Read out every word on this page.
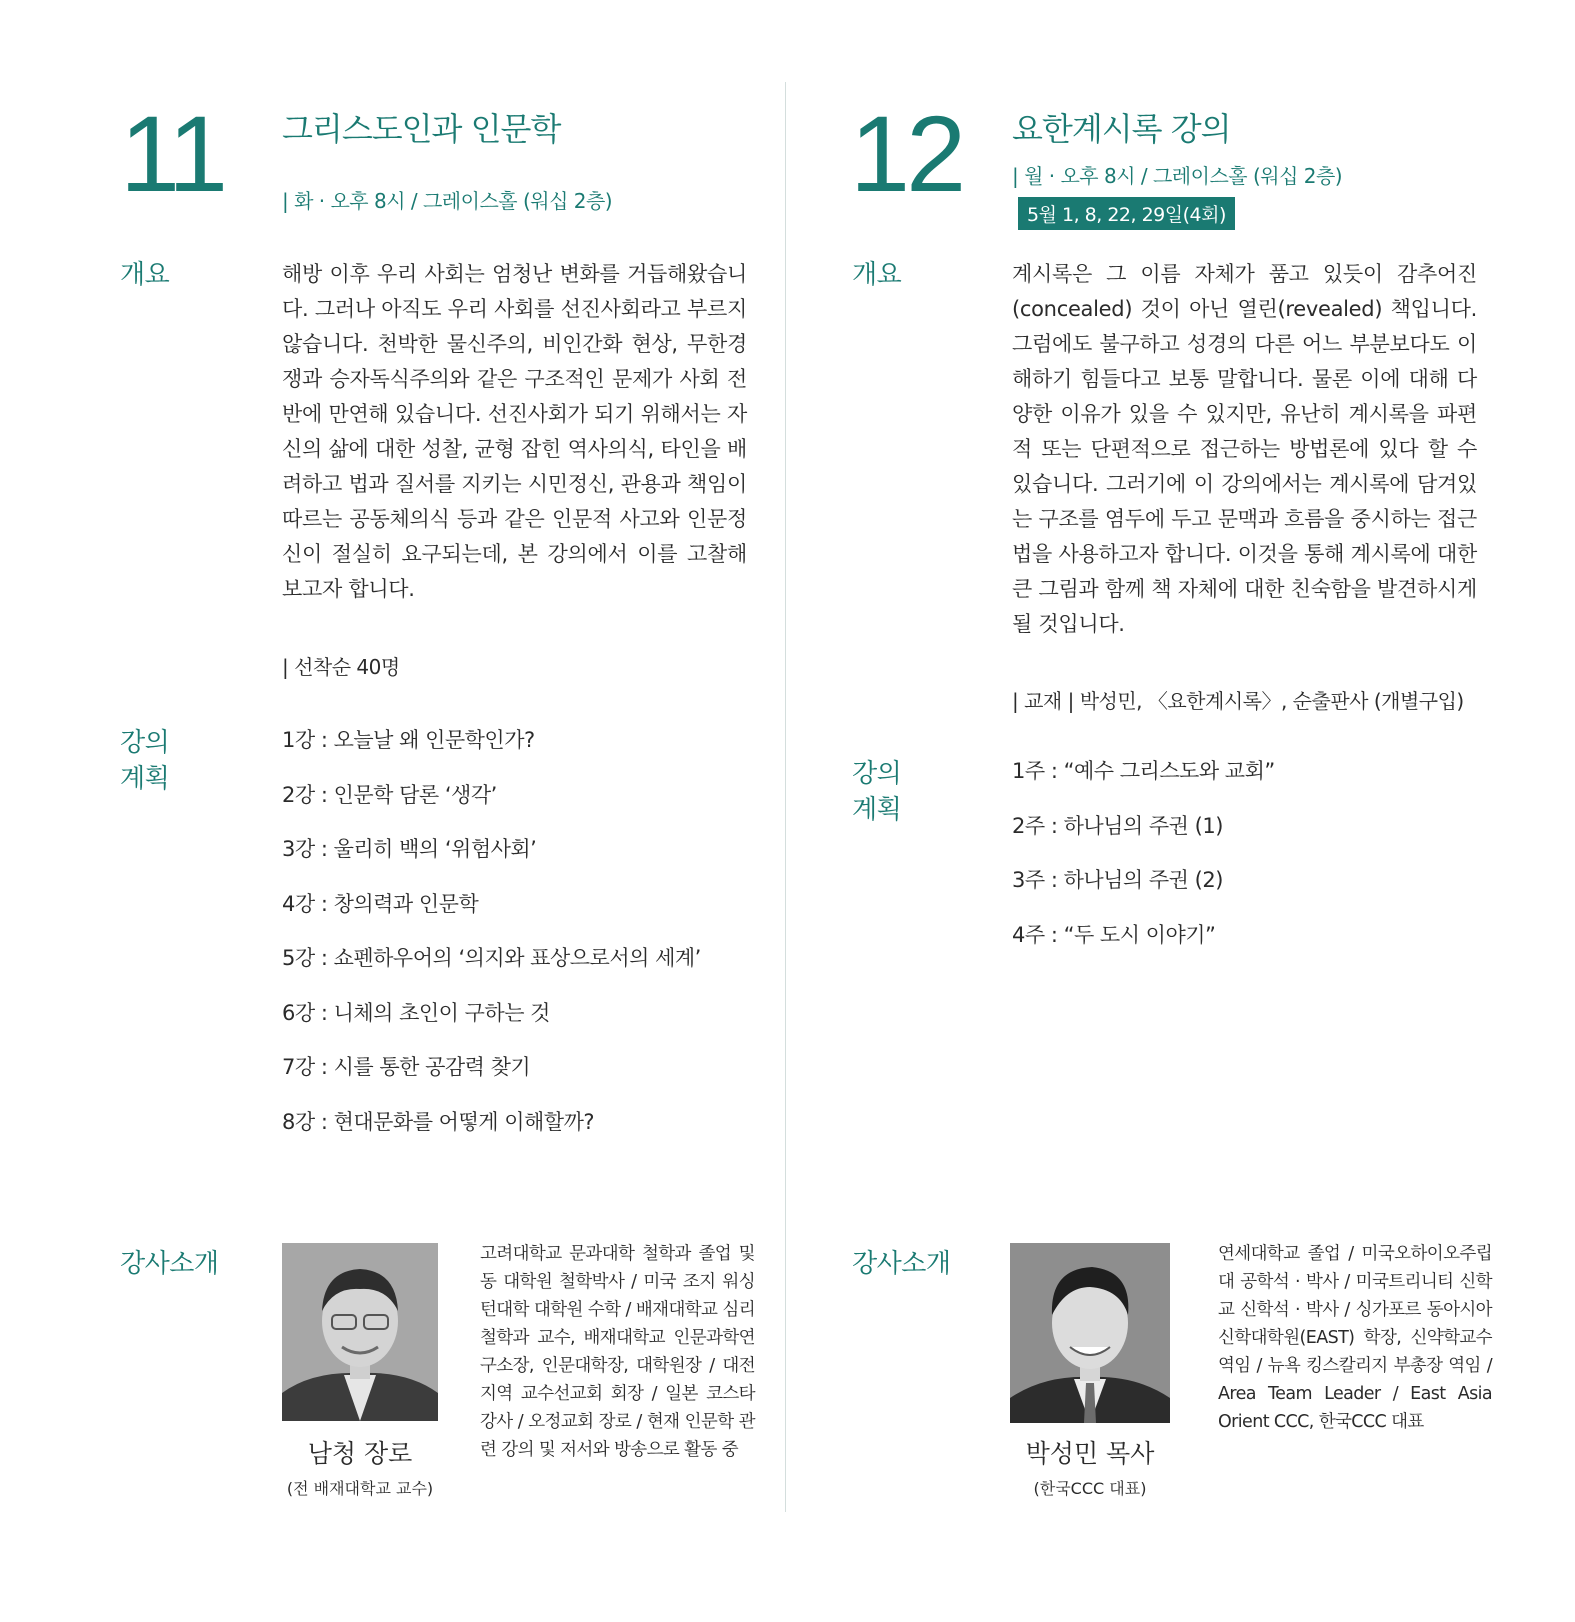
11 그리스도인과 인문학
| 화 · 오후 8시 / 그레이스홀 (워십 2층)
개요	해방 이후 우리 사회는 엄청난 변화를 거듭해왔습니다. 그러나 아직도 우리 사회를 선진사회라고 부르지 않습니다. 천박한 물신주의, 비인간화 현상, 무한경쟁과 승자독식주의와 같은 구조적인 문제가 사회 전반에 만연해 있습니다. 선진사회가 되기 위해서는 자신의 삶에 대한 성찰, 균형 잡힌 역사의식, 타인을 배려하고 법과 질서를 지키는 시민정신, 관용과 책임이 따르는 공동체의식 등과 같은 인문적 사고와 인문정신이 절실히 요구되는데, 본 강의에서 이를 고찰해 보고자 합니다.
| 선착순 40명
강의
계획
1강 : 오늘날 왜 인문학인가?
2강 : 인문학 담론 ‘생각’
3강 : 울리히 백의 ‘위험사회’
4강 : 창의력과 인문학
5강 : 쇼펜하우어의 ‘의지와 표상으로서의 세계’
6강 : 니체의 초인이 구하는 것
7강 : 시를 통한 공감력 찾기
8강 : 현대문화를 어떻게 이해할까?
강사소개
남청 장로
(전 배재대학교 교수)
고려대학교 문과대학 철학과 졸업 및 동 대학원 철학박사 / 미국 조지 워싱턴대학 대학원 수학 / 배재대학교 심리철학과 교수, 배재대학교 인문과학연구소장, 인문대학장, 대학원장 / 대전지역 교수선교회 회장 / 일본 코스타 강사 / 오정교회 장로 / 현재 인문학 관련 강의 및 저서와 방송으로 활동 중
12 요한계시록 강의
| 월 · 오후 8시 / 그레이스홀 (워십 2층)
5월 1, 8, 22, 29일(4회)
개요	계시록은 그 이름 자체가 품고 있듯이 감추어진 (concealed) 것이 아닌 열린(revealed) 책입니다. 그럼에도 불구하고 성경의 다른 어느 부분보다도 이해하기 힘들다고 보통 말합니다. 물론 이에 대해 다양한 이유가 있을 수 있지만, 유난히 계시록을 파편적 또는 단편적으로 접근하는 방법론에 있다 할 수 있습니다. 그러기에 이 강의에서는 계시록에 담겨있는 구조를 염두에 두고 문맥과 흐름을 중시하는 접근법을 사용하고자 합니다. 이것을 통해 계시록에 대한 큰 그림과 함께 책 자체에 대한 친숙함을 발견하시게 될 것입니다.
| 교재 | 박성민, 〈요한계시록〉, 순출판사 (개별구입)
강의
계획
1주 : “예수 그리스도와 교회”
2주 : 하나님의 주권 (1)
3주 : 하나님의 주권 (2)
4주 : “두 도시 이야기”
강사소개
박성민 목사
(한국CCC 대표)
연세대학교 졸업 / 미국오하이오주립대 공학석 · 박사 / 미국트리니티 신학교 신학석 · 박사 / 싱가포르 동아시아신학대학원(EAST) 학장, 신약학교수 역임 / 뉴욕 킹스칼리지 부총장 역임 / Area Team Leader / East Asia Orient CCC, 한국CCC 대표
